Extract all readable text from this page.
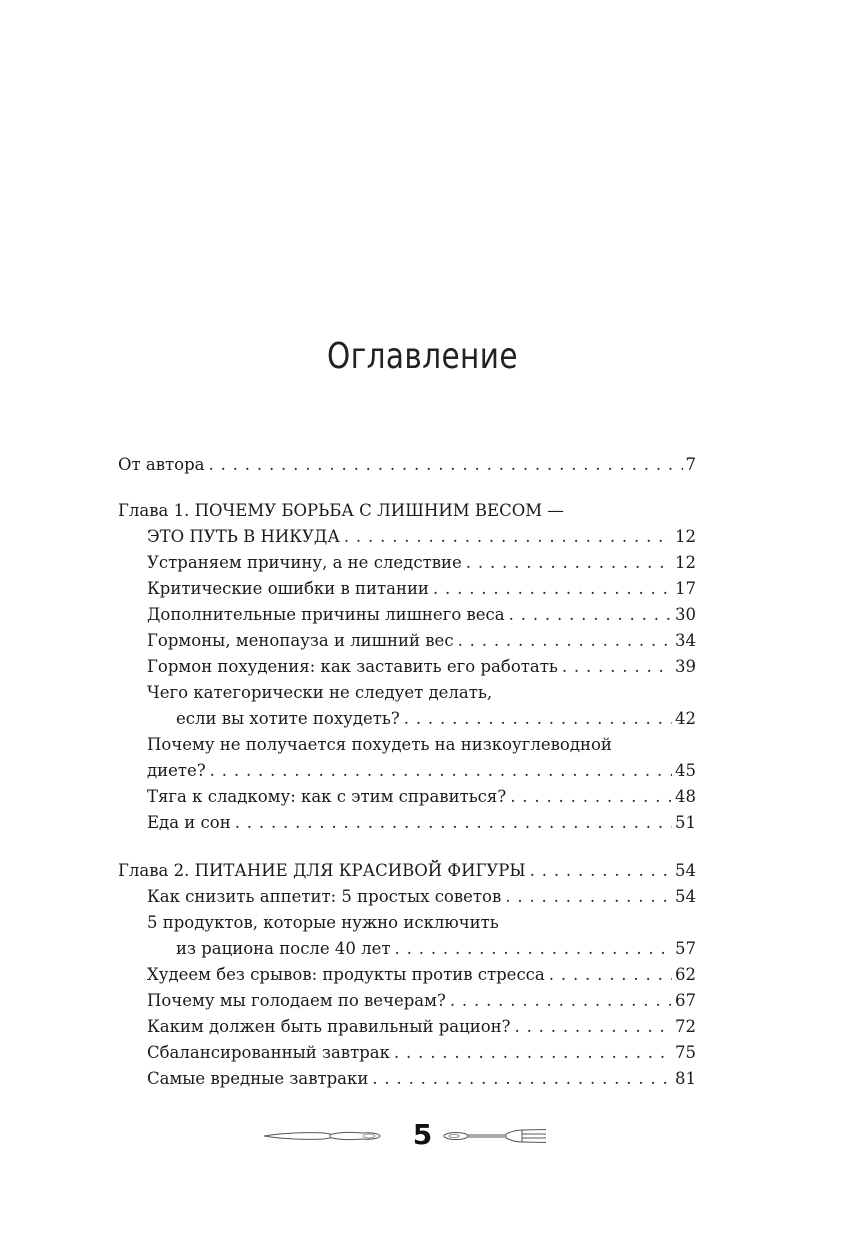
Оглавление
От автора . . .	7
Глава 1. ПОЧЕМУ БОРЬБА С ЛИШНИМ ВЕСОМ —
ЭТО ПУТЬ В НИКУДА . . .	12
Устраняем причину, а не следствие . . .	12
Критические ошибки в питании . . .	17
Дополнительные причины лишнего веса . . .	30
Гормоны, менопауза и лишний вес . . .	34
Гормон похудения: как заставить его работать . . .	39
Чего категорически не следует делать,
если вы хотите похудеть? . . .	42
Почему не получается похудеть на низкоуглеводной
диете? . . .	45
Тяга к сладкому: как с этим справиться? . . .	48
Еда и сон . . .	51
Глава 2. ПИТАНИЕ ДЛЯ КРАСИВОЙ ФИГУРЫ . . .	54
Как снизить аппетит: 5 простых советов . . .	54
5 продуктов, которые нужно исключить
из рациона после 40 лет . . .	57
Худеем без срывов: продукты против стресса . . .	62
Почему мы голодаем по вечерам? . . .	67
Каким должен быть правильный рацион? . . .	72
Сбалансированный завтрак . . .	75
Самые вредные завтраки . . .	81
5
